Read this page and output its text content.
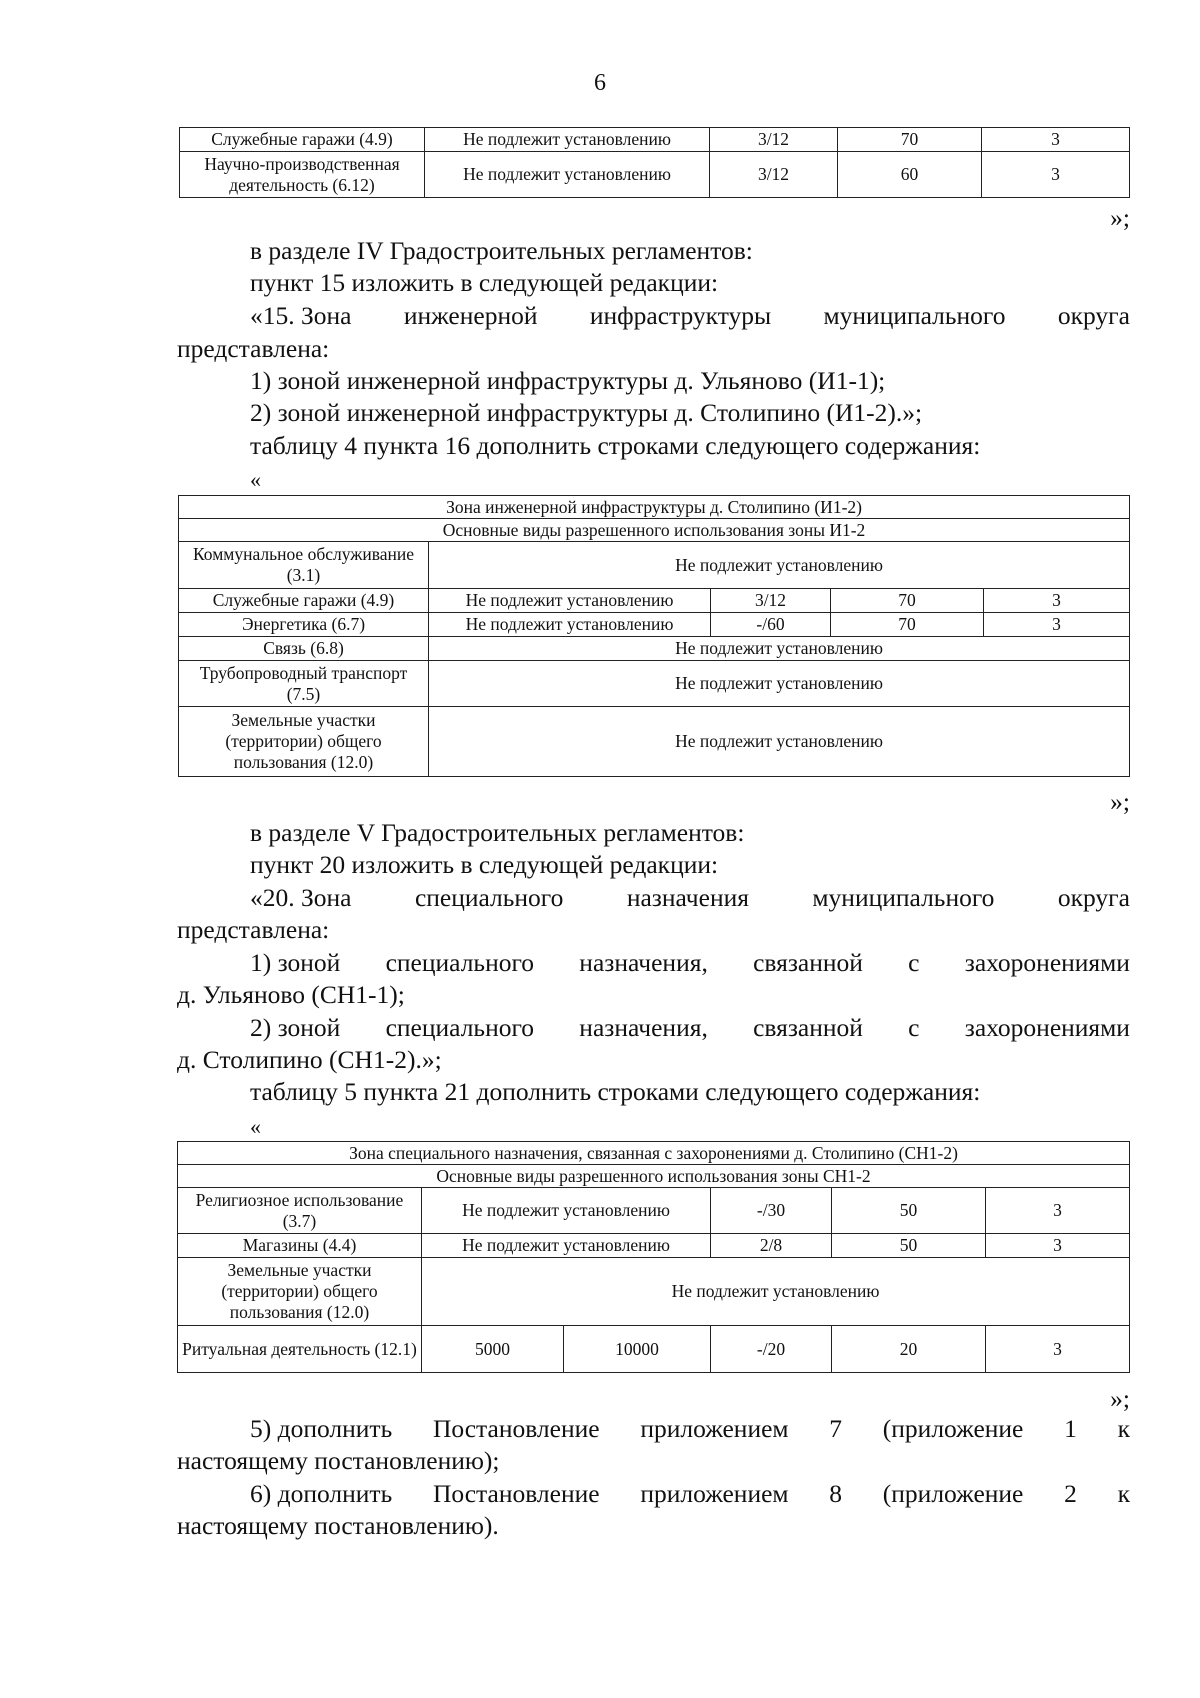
6
Служебные гаражи (4.9)	Не подлежит установлению	3/12	70	3
Научно-производственная деятельность (6.12)	Не подлежит установлению	3/12	60	3
»;
в разделе IV Градостроительных регламентов:
пункт 15 изложить в следующей редакции:
«15. Зона инженерной инфраструктуры муниципального округа
представлена:
1) зоной инженерной инфраструктуры д. Ульяново (И1-1);
2) зоной инженерной инфраструктуры д. Столипино (И1-2).»;
таблицу 4 пункта 16 дополнить строками следующего содержания:
«
Зона инженерной инфраструктуры д. Столипино (И1-2)				
Основные виды разрешенного использования зоны И1-2				
Коммунальное обслуживание (3.1)	Не подлежит установлению			
Служебные гаражи (4.9)	Не подлежит установлению	3/12	70	3
Энергетика (6.7)	Не подлежит установлению	-/60	70	3
Связь (6.8)	Не подлежит установлению			
Трубопроводный транспорт (7.5)	Не подлежит установлению			
Земельные участки (территории) общего пользования (12.0)	Не подлежит установлению			
»;
в разделе V Градостроительных регламентов:
пункт 20 изложить в следующей редакции:
«20. Зона специального назначения муниципального округа
представлена:
1) зоной специального назначения, связанной с захоронениями
д. Ульяново (СН1-1);
2) зоной специального назначения, связанной с захоронениями
д. Столипино (СН1-2).»;
таблицу 5 пункта 21 дополнить строками следующего содержания:
«
Зона специального назначения, связанная с захоронениями д. Столипино (СН1-2)					
Основные виды разрешенного использования зоны СН1-2					
Религиозное использование (3.7)	Не подлежит установлению		-/30	50	3
Магазины (4.4)	Не подлежит установлению		2/8	50	3
Земельные участки (территории) общего пользования (12.0)	Не подлежит установлению				
Ритуальная деятельность (12.1)	5000	10000	-/20	20	3
»;
5) дополнить Постановление приложением 7 (приложение 1 к
настоящему постановлению);
6) дополнить Постановление приложением 8 (приложение 2 к
настоящему постановлению).
